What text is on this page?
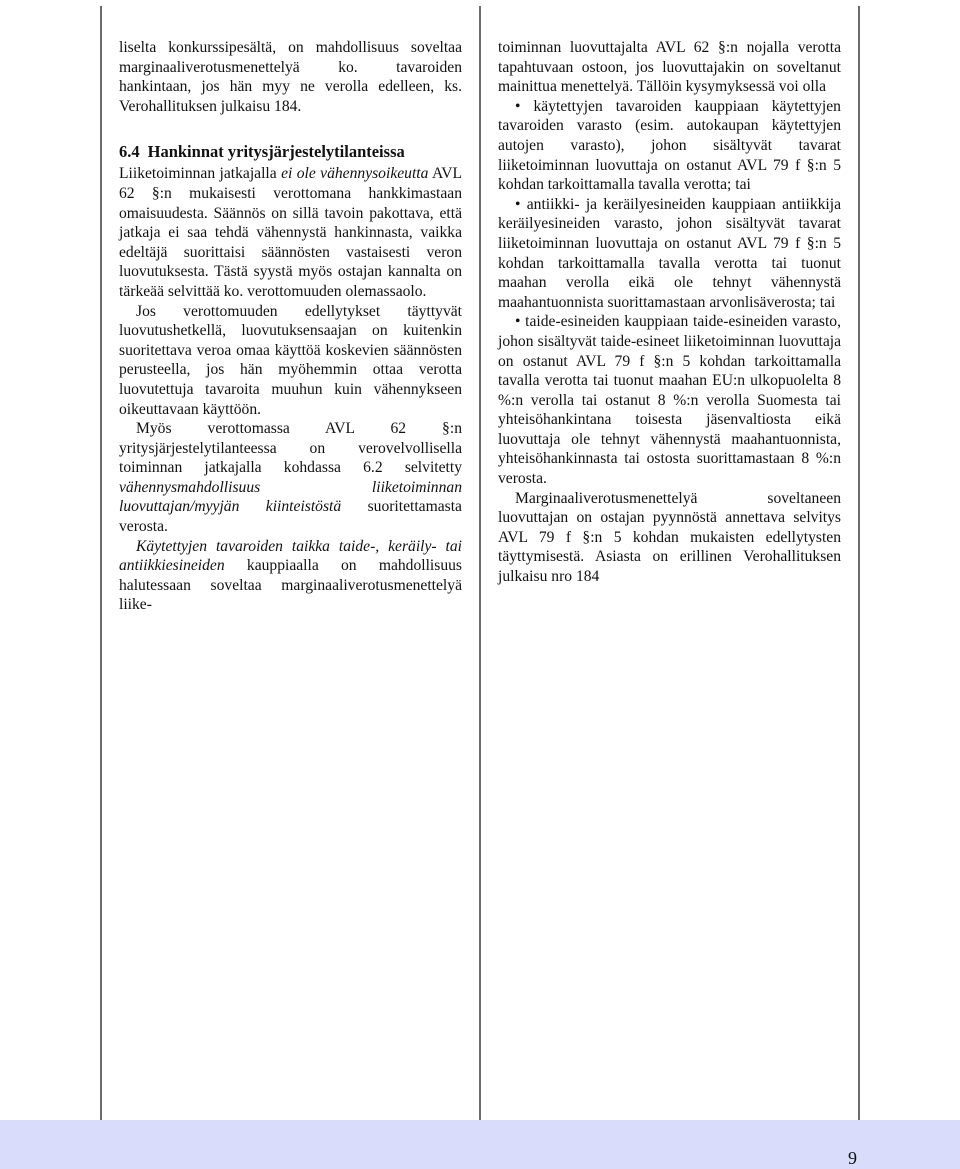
liselta konkurssipesältä, on mahdollisuus soveltaa marginaaliverotusmenettelyä ko. tavaroiden hankintaan, jos hän myy ne verolla edelleen, ks. Verohallituksen julkaisu 184.

6.4 Hankinnat yritysjärjestelytilanteissa

Liiketoiminnan jatkajalla ei ole vähennysoikeutta AVL 62 §:n mukaisesti verottomana hankkimastaan omaisuudesta. Säännös on sillä tavoin pakottava, että jatkaja ei saa tehdä vähennystä hankinnasta, vaikka edeltäjä suorittaisi säännösten vastaisesti veron luovutuksesta. Tästä syystä myös ostajan kannalta on tärkeää selvittää ko. verottomuuden olemassaolo.

Jos verottomuuden edellytykset täyttyvät luovutushetkellä, luovutuksensaajan on kuitenkin suoritettava veroa omaa käyttöä koskevien säännösten perusteella, jos hän myöhemmin ottaa verotta luovutettuja tavaroita muuhun kuin vähennykseen oikeuttavaan käyttöön.

Myös verottomassa AVL 62 §:n yritysjärjestelytilanteessa on verovelvollisella toiminnan jatkajalla kohdassa 6.2 selvitetty vähennysmahdollisuus liiketoiminnan luovuttajan/myyjän kiinteistöstä suoritettamasta verosta.

Käytettyjen tavaroiden taikka taide-, keräily- tai antiikkiesineiden kauppiaalla on mahdollisuus halutessaan soveltaa marginaaliverotusmenettelyä liike-

toiminnan luovuttajalta AVL 62 §:n nojalla verotta tapahtuvaan ostoon, jos luovuttajakin on soveltanut mainittua menettelyä. Tällöin kysymyksessä voi olla

• käytettyjen tavaroiden kauppiaan käytettyjen tavaroiden varasto (esim. autokaupan käytettyjen autojen varasto), johon sisältyvät tavarat liiketoiminnan luovuttaja on ostanut AVL 79 f §:n 5 kohdan tarkoittamalla tavalla verotta; tai

• antiikki- ja keräilyesineiden kauppiaan antiikkija keräilyesineiden varasto, johon sisältyvät tavarat liiketoiminnan luovuttaja on ostanut AVL 79 f §:n 5 kohdan tarkoittamalla tavalla verotta tai tuonut maahan verolla eikä ole tehnyt vähennystä maahantuonnista suorittamastaan arvonlisäverosta; tai

• taide-esineiden kauppiaan taide-esineiden varasto, johon sisältyvät taide-esineet liiketoiminnan luovuttaja on ostanut AVL 79 f §:n 5 kohdan tarkoittamalla tavalla verotta tai tuonut maahan EU:n ulkopuolelta 8 %:n verolla tai ostanut 8 %:n verolla Suomesta tai yhteisöhankintana toisesta jäsenvaltiosta eikä luovuttaja ole tehnyt vähennystä maahantuonnista, yhteisöhankinnasta tai ostosta suorittamastaan 8 %:n verosta.

Marginaaliverotusmenettelyä soveltaneen luovuttajan on ostajan pyynnöstä annettava selvitys AVL 79 f §:n 5 kohdan mukaisten edellytysten täyttymisestä. Asiasta on erillinen Verohallituksen julkaisu nro 184

9
